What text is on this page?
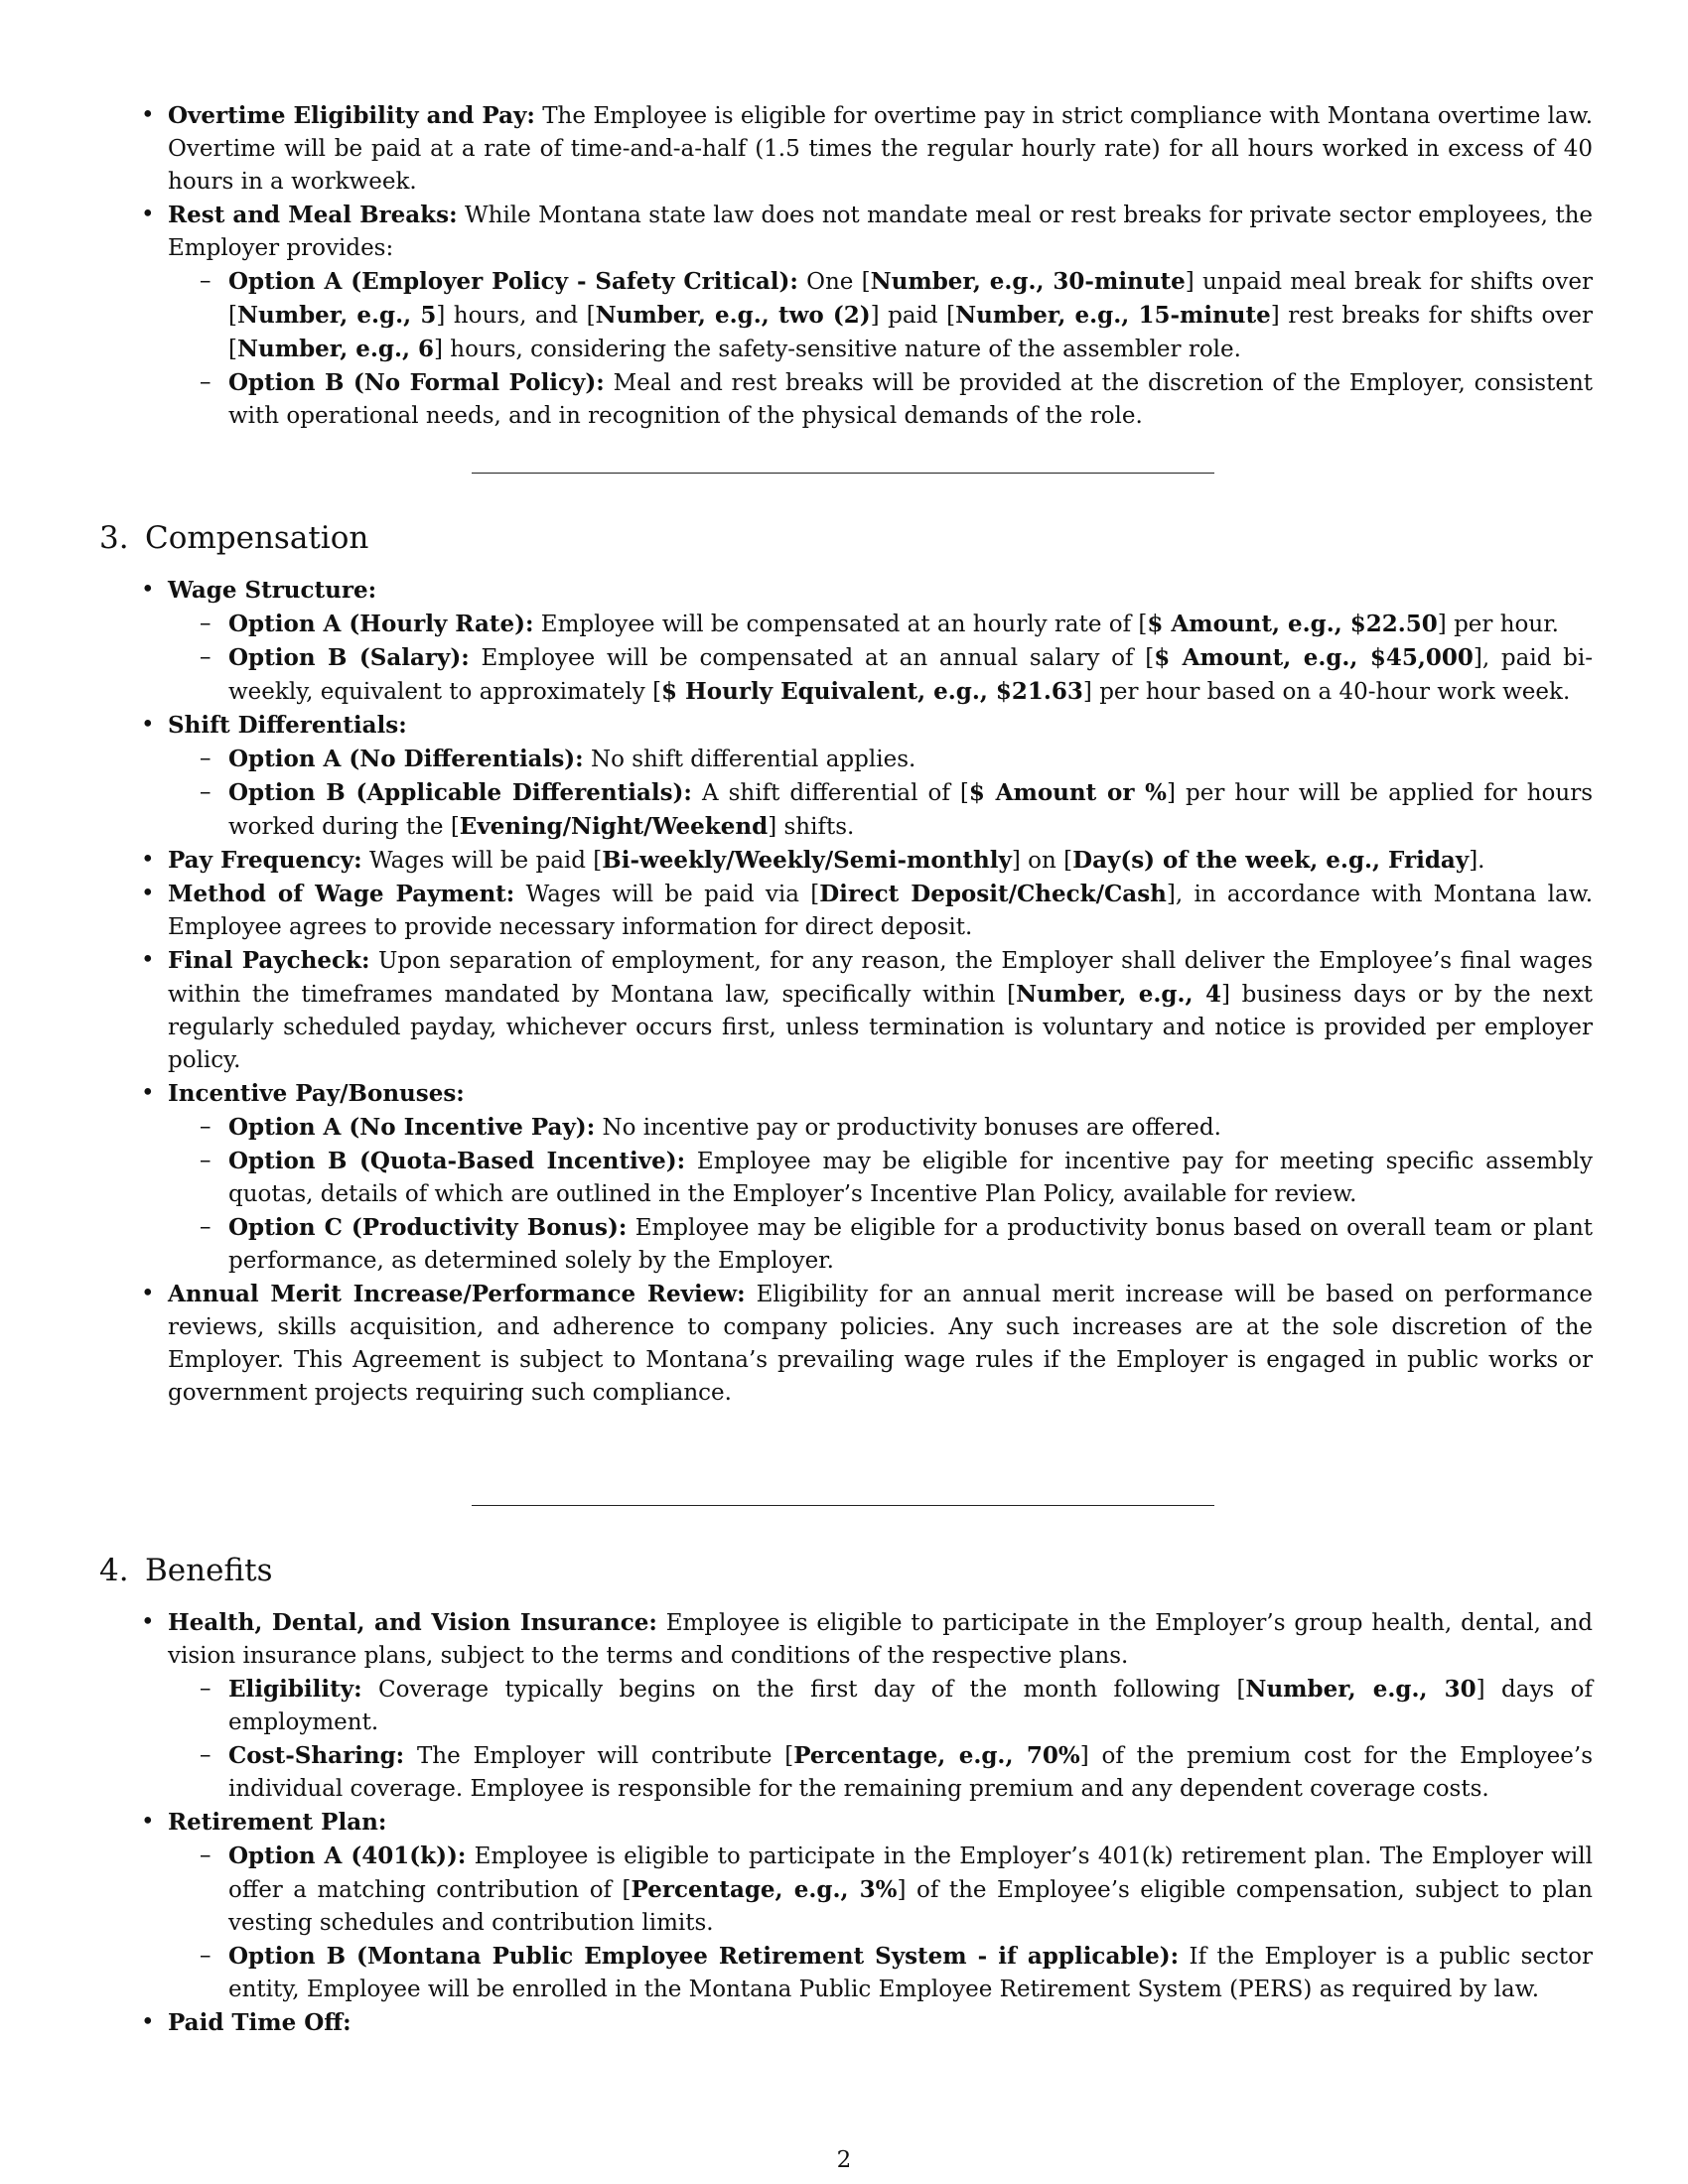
• Overtime Eligibility and Pay: The Employee is eligible for overtime pay in strict compliance with Montana overtime law. Overtime will be paid at a rate of time-and-a-half (1.5 times the regular hourly rate) for all hours worked in excess of 40 hours in a workweek.
• Rest and Meal Breaks: While Montana state law does not mandate meal or rest breaks for private sector employees, the Employer provides:
– Option A (Employer Policy - Safety Critical): One [Number, e.g., 30-minute] unpaid meal break for shifts over [Number, e.g., 5] hours, and [Number, e.g., two (2)] paid [Number, e.g., 15-minute] rest breaks for shifts over [Number, e.g., 6] hours, considering the safety-sensitive nature of the assembler role.
– Option B (No Formal Policy): Meal and rest breaks will be provided at the discretion of the Employer, consistent with operational needs, and in recognition of the physical demands of the role.
3. Compensation
• Wage Structure:
– Option A (Hourly Rate): Employee will be compensated at an hourly rate of [$ Amount, e.g., $22.50] per hour.
– Option B (Salary): Employee will be compensated at an annual salary of [$ Amount, e.g., $45,000], paid bi-weekly, equivalent to approximately [$ Hourly Equivalent, e.g., $21.63] per hour based on a 40-hour work week.
• Shift Differentials:
– Option A (No Differentials): No shift differential applies.
– Option B (Applicable Differentials): A shift differential of [$ Amount or %] per hour will be applied for hours worked during the [Evening/Night/Weekend] shifts.
• Pay Frequency: Wages will be paid [Bi-weekly/Weekly/Semi-monthly] on [Day(s) of the week, e.g., Friday].
• Method of Wage Payment: Wages will be paid via [Direct Deposit/Check/Cash], in accordance with Montana law. Employee agrees to provide necessary information for direct deposit.
• Final Paycheck: Upon separation of employment, for any reason, the Employer shall deliver the Employee’s final wages within the timeframes mandated by Montana law, specifically within [Number, e.g., 4] business days or by the next regularly scheduled payday, whichever occurs first, unless termination is voluntary and notice is provided per employer policy.
• Incentive Pay/Bonuses:
– Option A (No Incentive Pay): No incentive pay or productivity bonuses are offered.
– Option B (Quota-Based Incentive): Employee may be eligible for incentive pay for meeting specific assembly quotas, details of which are outlined in the Employer’s Incentive Plan Policy, available for review.
– Option C (Productivity Bonus): Employee may be eligible for a productivity bonus based on overall team or plant performance, as determined solely by the Employer.
• Annual Merit Increase/Performance Review: Eligibility for an annual merit increase will be based on performance reviews, skills acquisition, and adherence to company policies. Any such increases are at the sole discretion of the Employer. This Agreement is subject to Montana’s prevailing wage rules if the Employer is engaged in public works or government projects requiring such compliance.
4. Benefits
• Health, Dental, and Vision Insurance: Employee is eligible to participate in the Employer’s group health, dental, and vision insurance plans, subject to the terms and conditions of the respective plans.
– Eligibility: Coverage typically begins on the first day of the month following [Number, e.g., 30] days of employment.
– Cost-Sharing: The Employer will contribute [Percentage, e.g., 70%] of the premium cost for the Employee’s individual coverage. Employee is responsible for the remaining premium and any dependent coverage costs.
• Retirement Plan:
– Option A (401(k)): Employee is eligible to participate in the Employer’s 401(k) retirement plan. The Employer will offer a matching contribution of [Percentage, e.g., 3%] of the Employee’s eligible compensation, subject to plan vesting schedules and contribution limits.
– Option B (Montana Public Employee Retirement System - if applicable): If the Employer is a public sector entity, Employee will be enrolled in the Montana Public Employee Retirement System (PERS) as required by law.
• Paid Time Off:
2
